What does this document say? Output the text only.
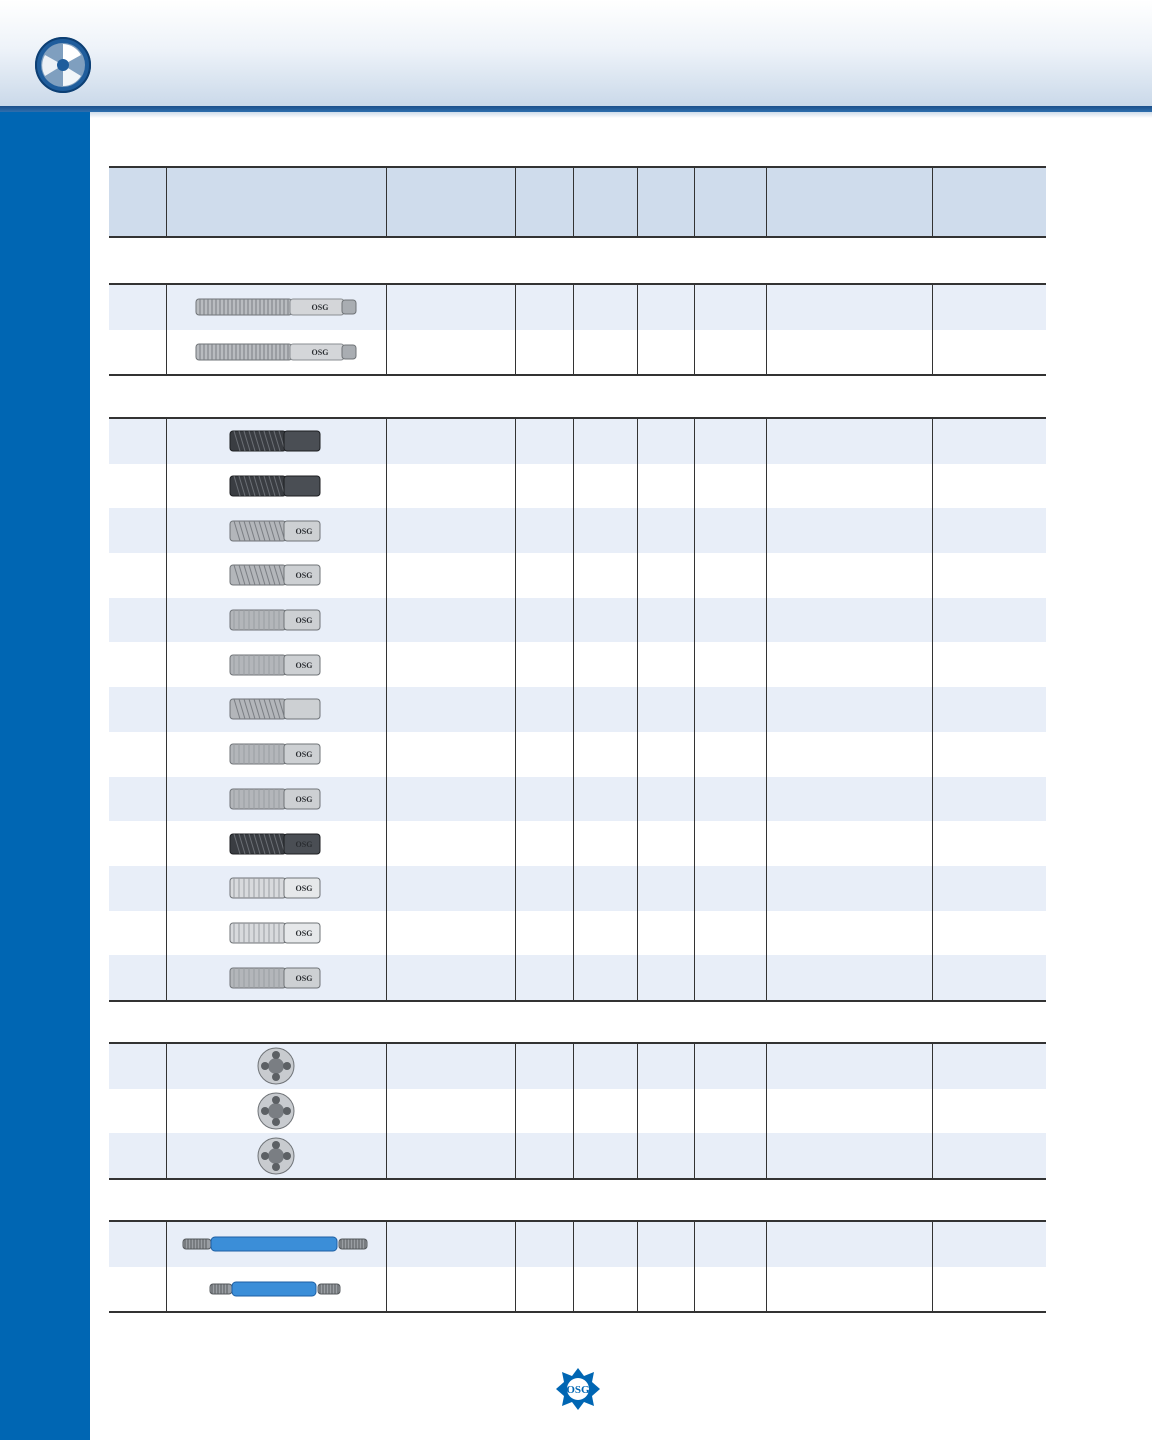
OSG							

OSG							

OSG							

OSG							

OSG							

OSG							

OSG							

OSG							

OSG							

OSG							

OSG							

OSG							

OSG
